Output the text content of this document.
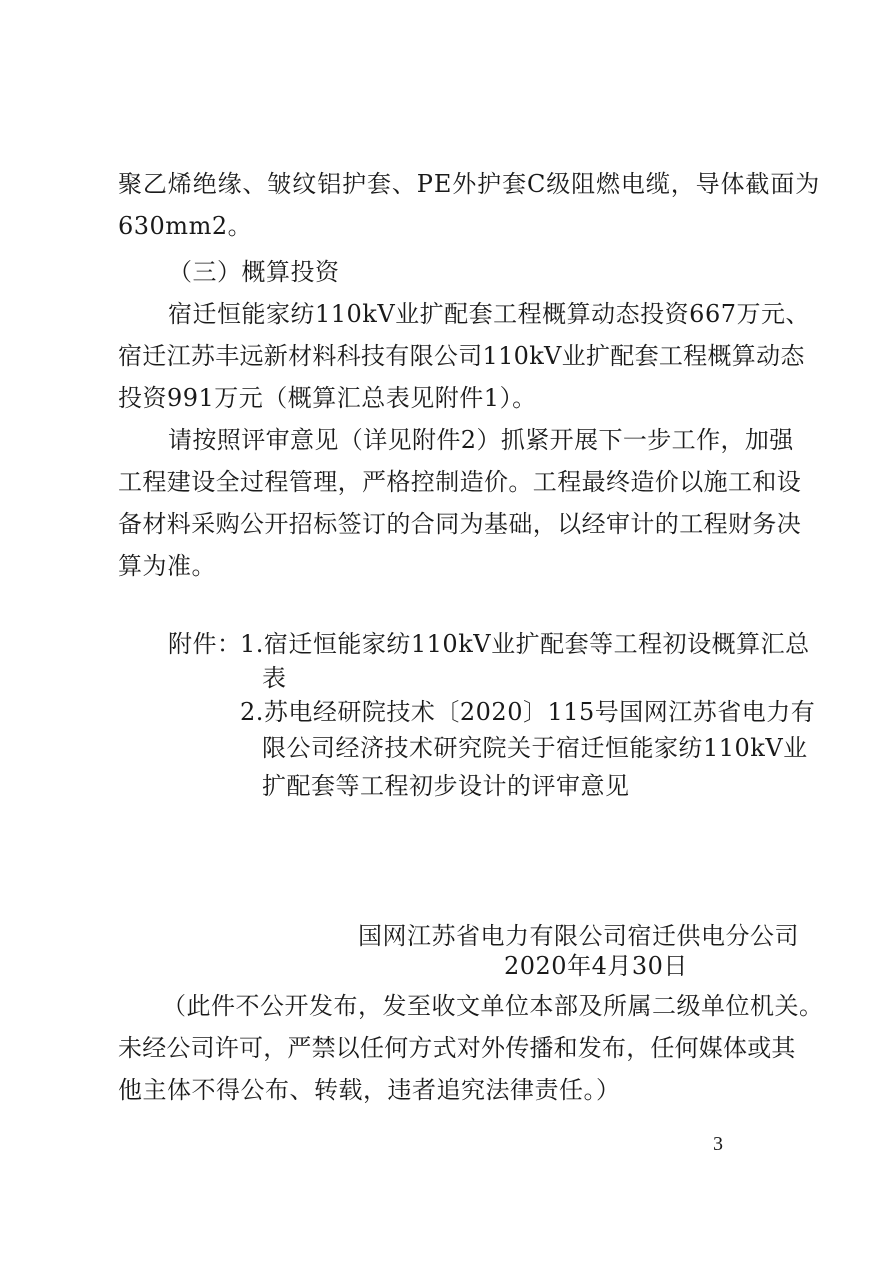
聚乙烯绝缘、皱纹铝护套、PE外护套C级阻燃电缆，导体截面为
630mm2。
（三）概算投资
宿迁恒能家纺110kV业扩配套工程概算动态投资667万元、
宿迁江苏丰远新材料科技有限公司110kV业扩配套工程概算动态
投资991万元（概算汇总表见附件1）。
请按照评审意见（详见附件2）抓紧开展下一步工作，加强
工程建设全过程管理，严格控制造价。工程最终造价以施工和设
备材料采购公开招标签订的合同为基础，以经审计的工程财务决
算为准。
附件：
1.宿迁恒能家纺110kV业扩配套等工程初设概算汇总
表
2.苏电经研院技术〔2020〕115号国网江苏省电力有
限公司经济技术研究院关于宿迁恒能家纺110kV业
扩配套等工程初步设计的评审意见
国网江苏省电力有限公司宿迁供电分公司
2020年4月30日
（此件不公开发布，发至收文单位本部及所属二级单位机关。
未经公司许可，严禁以任何方式对外传播和发布，任何媒体或其
他主体不得公布、转载，违者追究法律责任。）
3
